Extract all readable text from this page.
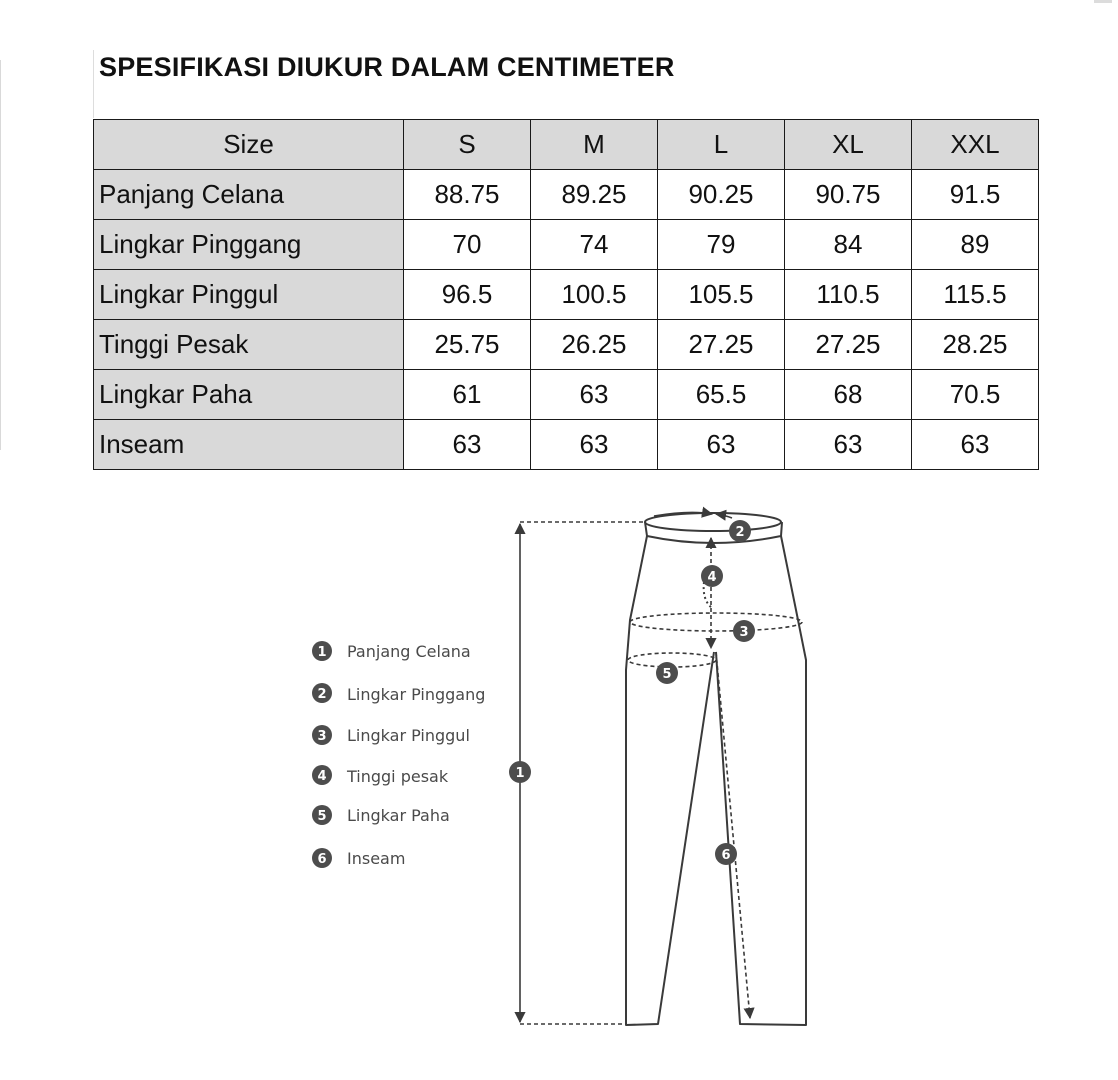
SPESIFIKASI DIUKUR DALAM CENTIMETER
Size	S	M	L	XL	XXL
Panjang Celana	88.75	89.25	90.25	90.75	91.5
Lingkar Pinggang	70	74	79	84	89
Lingkar Pinggul	96.5	100.5	105.5	110.5	115.5
Tinggi Pesak	25.75	26.25	27.25	27.25	28.25
Lingkar Paha	61	63	65.5	68	70.5
Inseam	63	63	63	63	63
1 Panjang Celana
2 Lingkar Pinggang
3 Lingkar Pinggul
4 Tinggi pesak
5 Lingkar Paha
6 Inseam
1
2
3
4
5
6
